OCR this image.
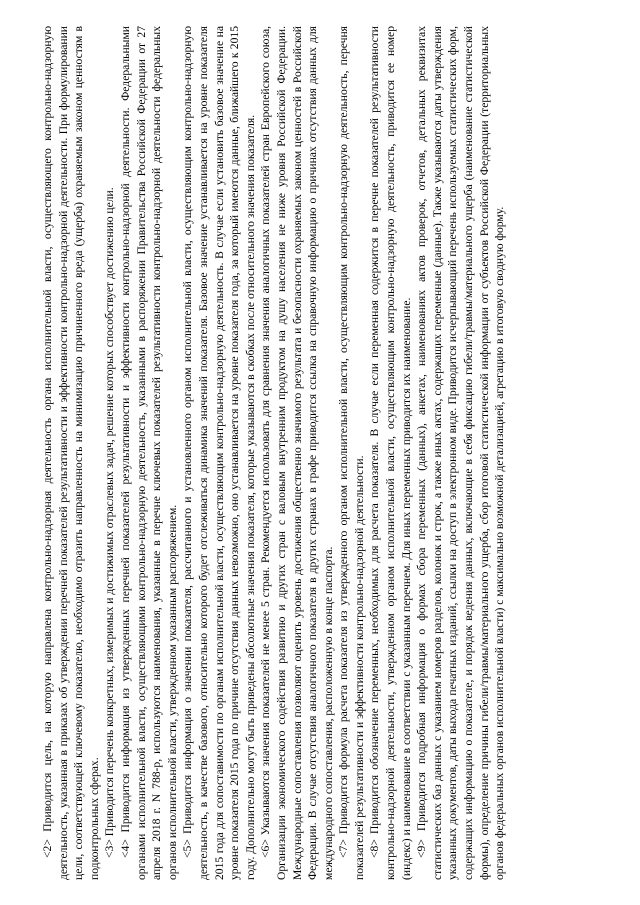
<2> Приводится цель, на которую направлена контрольно-надзорная деятельность органа исполнительной власти, осуществляющего контрольно-надзорную деятельность, указанная в приказах об утверждении перечней показателей результативности и эффективности контрольно-надзорной деятельности. При формулировании цели, соответствующей ключевому показателю, необходимо отразить направленность на минимизацию причиненного вреда (ущерба) охраняемым законом ценностям в подконтрольных сферах. <3> Приводится перечень конкретных, измеримых и достижимых отраслевых задач, решение которых способствует достижению цели. <4> Приводится информация из утвержденных перечней показателей результативности и эффективности контрольно-надзорной деятельности. Федеральными органами исполнительной власти, осуществляющими контрольно-надзорную деятельность, указанными в распоряжении Правительства Российской Федерации от 27 апреля 2018 г. N 788-р, используются наименования, указанные в перечне ключевых показателей результативности контрольно-надзорной деятельности федеральных органов исполнительной власти, утвержденном указанным распоряжением. <5> Приводится информация о значении показателя, рассчитанного и установленного органом исполнительной власти, осуществляющим контрольно-надзорную деятельность, в качестве базового, относительно которого будет отслеживаться динамика значений показателя. Базовое значение устанавливается на уровне показателя 2015 года для сопоставимости по органам исполнительной власти, осуществляющим контрольно-надзорную деятельность. В случае если установить базовое значение на уровне показателя 2015 года по причине отсутствия данных невозможно, оно устанавливается на уровне показателя года, за который имеются данные, ближайшего к 2015 году. Дополнительно могут быть приведены абсолютные значения показателя, которые указываются в скобках после относительного значения показателя. <6> Указываются значения показателей не менее 5 стран. Рекомендуется использовать для сравнения значения аналогичных показателей стран Европейского союза, Организации экономического содействия развитию и других стран с валовым внутренним продуктом на душу населения не ниже уровня Российской Федерации. Международные сопоставления позволяют оценить уровень достижения общественно значимого результата и безопасности охраняемых законом ценностей в Российской Федерации. В случае отсутствия аналогичного показателя в других странах в графе приводится ссылка на справочную информацию о причинах отсутствия данных для международного сопоставления, расположенную в конце паспорта. <7> Приводится формула расчета показателя из утвержденного органом исполнительной власти, осуществляющим контрольно-надзорную деятельность, перечня показателей результативности и эффективности контрольно-надзорной деятельности. <8> Приводится обозначение переменных, необходимых для расчета показателя. В случае если переменная содержится в перечне показателей результативности контрольно-надзорной деятельности, утвержденном органом исполнительной власти, осуществляющим контрольно-надзорную деятельность, приводится ее номер (индекс) и наименование в соответствии с указанным перечнем. Для иных переменных приводится их наименование. <9> Приводится подробная информация о формах сбора переменных (данных), анкетах, наименованиях актов проверок, отчетов, детальных реквизитах статистических баз данных с указанием номеров разделов, колонок и строк, а также иных актах, содержащих переменные (данные). Также указываются даты утверждения указанных документов, даты выхода печатных изданий, ссылки на доступ в электронном виде. Приводится исчерпывающий перечень используемых статистических форм, содержащих информацию о показателе, и порядок ведения данных, включающие в себя фиксацию гибели/травмы/материального ущерба (наименование статистической формы), определение причины гибели/травмы/материального ущерба, сбор итоговой статистической информации от субъектов Российской Федерации (территориальных органов федеральных органов исполнительной власти) с максимально возможной детализацией, агрегацию в итоговую сводную форму.
